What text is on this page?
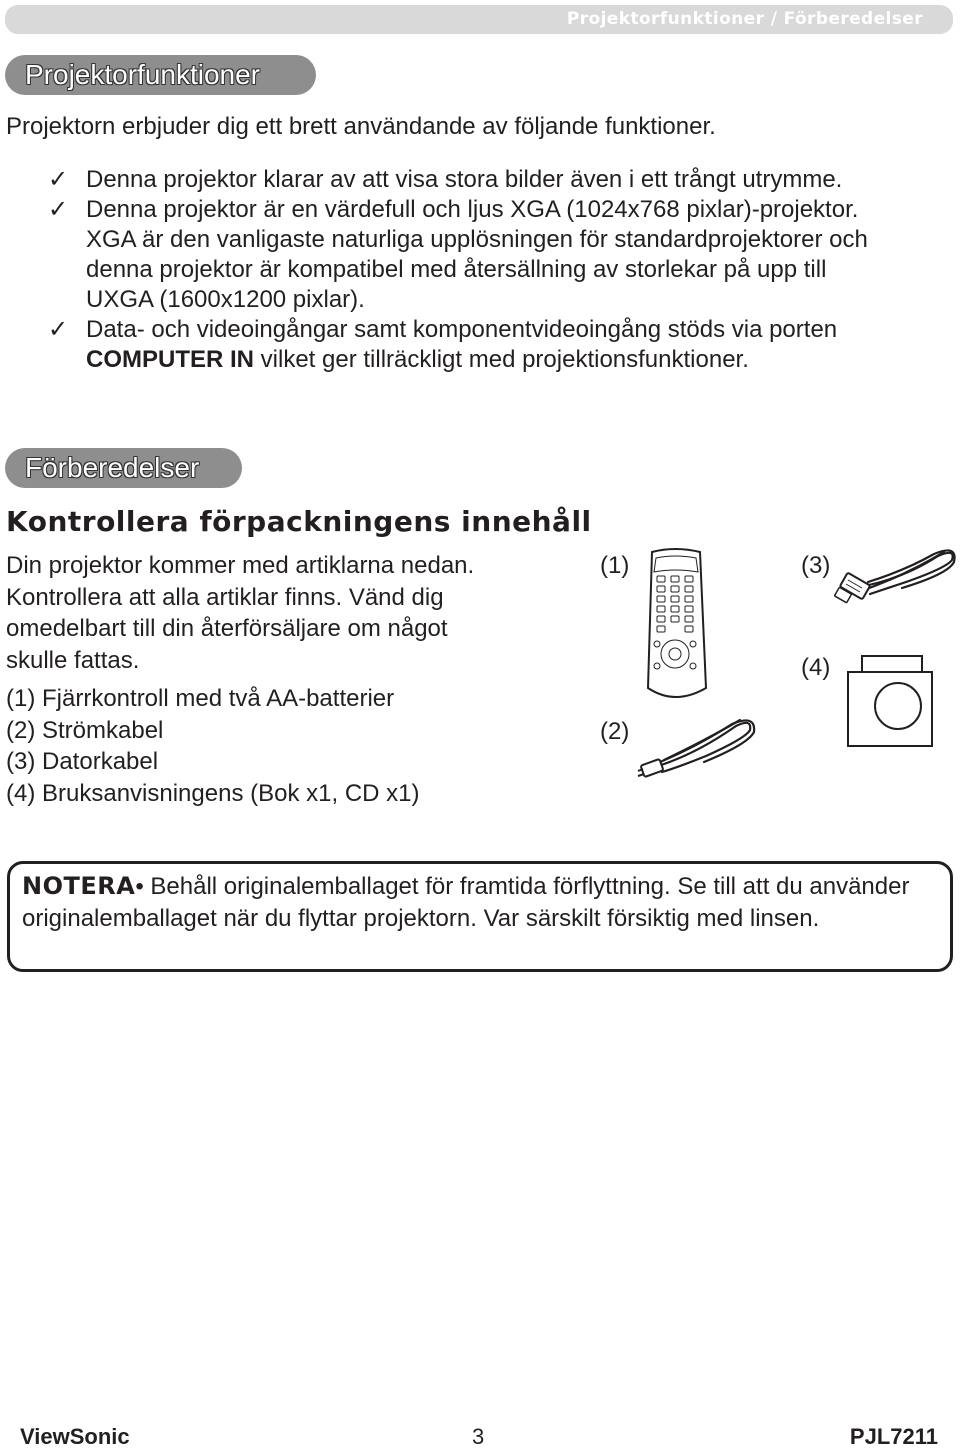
Projektorfunktioner / Förberedelser
Projektorfunktioner

Projektorn erbjuder dig ett brett användande av följande funktioner.

✓ Denna projektor klarar av att visa stora bilder även i ett trångt utrymme.
✓ Denna projektor är en värdefull och ljus XGA (1024x768 pixlar)-projektor.
XGA är den vanligaste naturliga upplösningen för standardprojektorer och
denna projektor är kompatibel med återsällning av storlekar på upp till
UXGA (1600x1200 pixlar).
✓ Data- och videoingångar samt komponentvideoingång stöds via porten
COMPUTER IN vilket ger tillräckligt med projektionsfunktioner.
Förberedelser
Kontrollera förpackningens innehåll

Din projektor kommer med artiklarna nedan.
Kontrollera att alla artiklar finns. Vänd dig
omedelbart till din återförsäljare om något
skulle fattas.

(1) Fjärrkontroll med två AA-batterier
(2) Strömkabel
(3) Datorkabel
(4) Bruksanvisningens (Bok x1, CD x1)
(1)
(2)
(3)
(4)
NOTERA• Behåll originalemballaget för framtida förflyttning. Se till att du använder originalemballaget när du flyttar projektorn. Var särskilt försiktig med linsen.
ViewSonic	3	PJL7211
